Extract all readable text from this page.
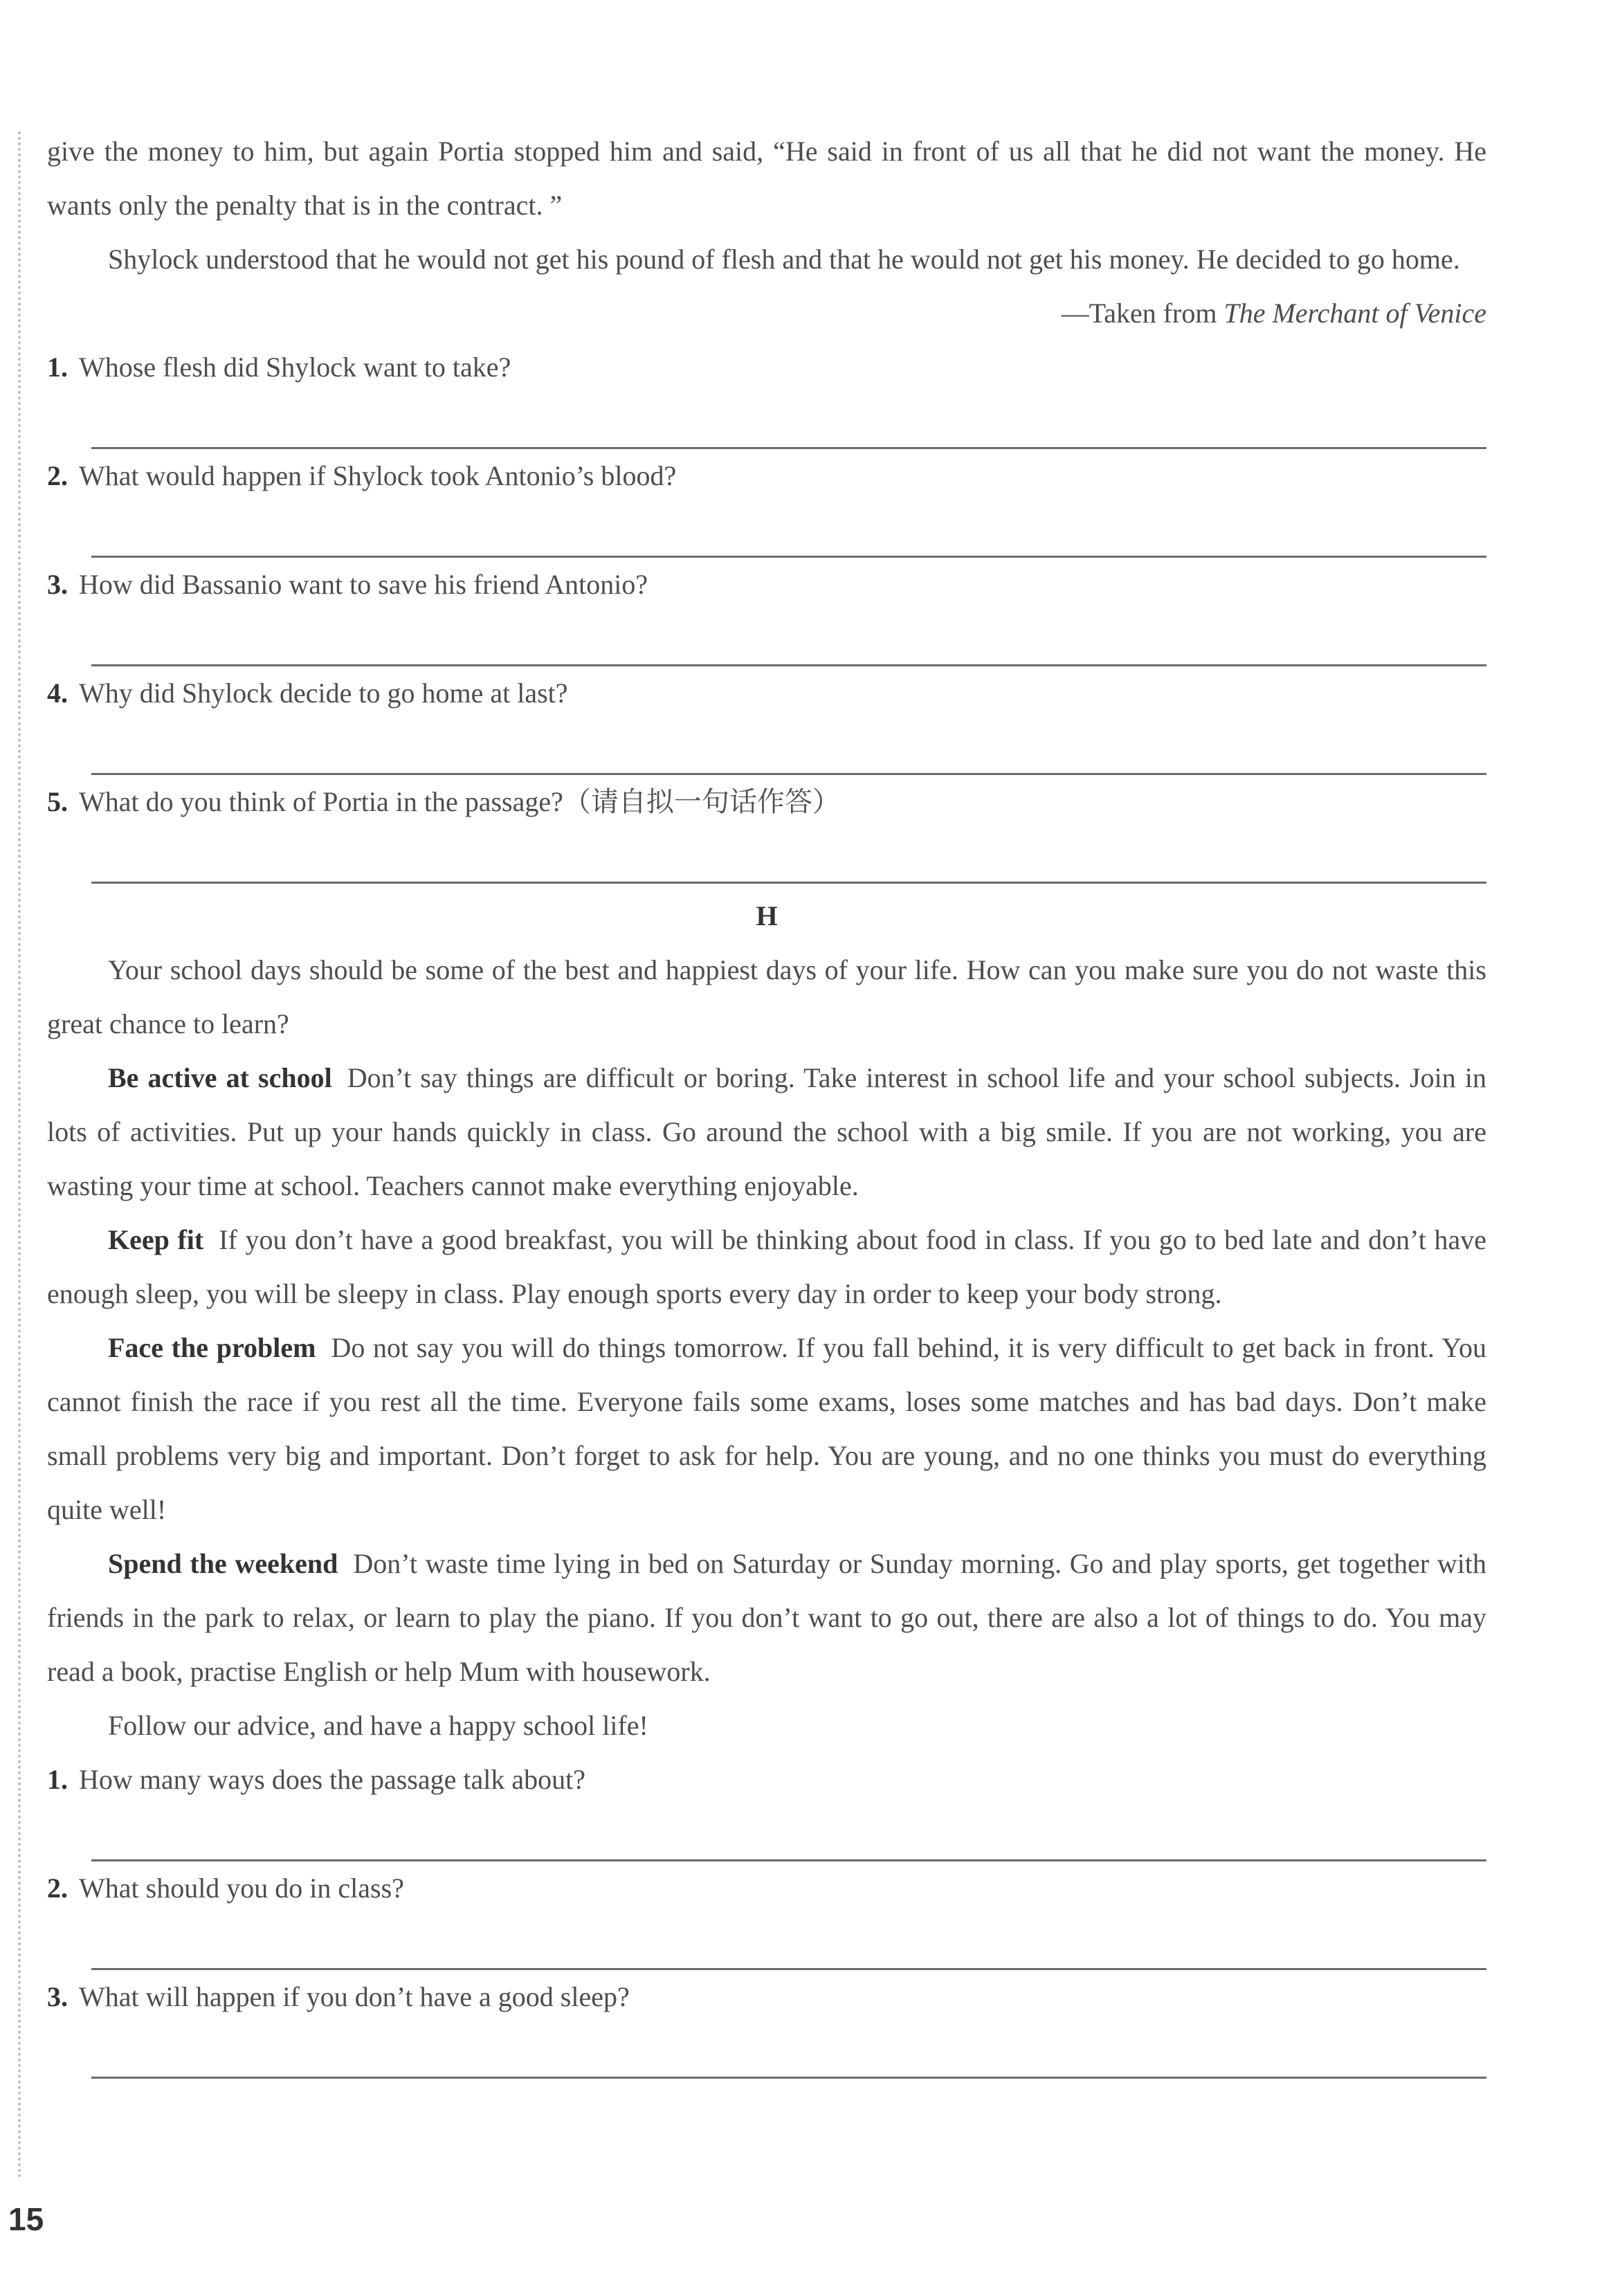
give the money to him, but again Portia stopped him and said, “He said in front of us all that he did not want the money. He wants only the penalty that is in the contract. ”

Shylock understood that he would not get his pound of flesh and that he would not get his money. He decided to go home.

—Taken from The Merchant of Venice

1. Whose flesh did Shylock want to take?

2. What would happen if Shylock took Antonio’s blood?

3. How did Bassanio want to save his friend Antonio?

4. Why did Shylock decide to go home at last?

5. What do you think of Portia in the passage?（请自拟一句话作答）

H

Your school days should be some of the best and happiest days of your life. How can you make sure you do not waste this great chance to learn?

Be active at school Don’t say things are difficult or boring. Take interest in school life and your school subjects. Join in lots of activities. Put up your hands quickly in class. Go around the school with a big smile. If you are not working, you are wasting your time at school. Teachers cannot make everything enjoyable.

Keep fit If you don’t have a good breakfast, you will be thinking about food in class. If you go to bed late and don’t have enough sleep, you will be sleepy in class. Play enough sports every day in order to keep your body strong.

Face the problem Do not say you will do things tomorrow. If you fall behind, it is very difficult to get back in front. You cannot finish the race if you rest all the time. Everyone fails some exams, loses some matches and has bad days. Don’t make small problems very big and important. Don’t forget to ask for help. You are young, and no one thinks you must do everything quite well!

Spend the weekend Don’t waste time lying in bed on Saturday or Sunday morning. Go and play sports, get together with friends in the park to relax, or learn to play the piano. If you don’t want to go out, there are also a lot of things to do. You may read a book, practise English or help Mum with housework.

Follow our advice, and have a happy school life!

1. How many ways does the passage talk about?

2. What should you do in class?

3. What will happen if you don’t have a good sleep?

15
